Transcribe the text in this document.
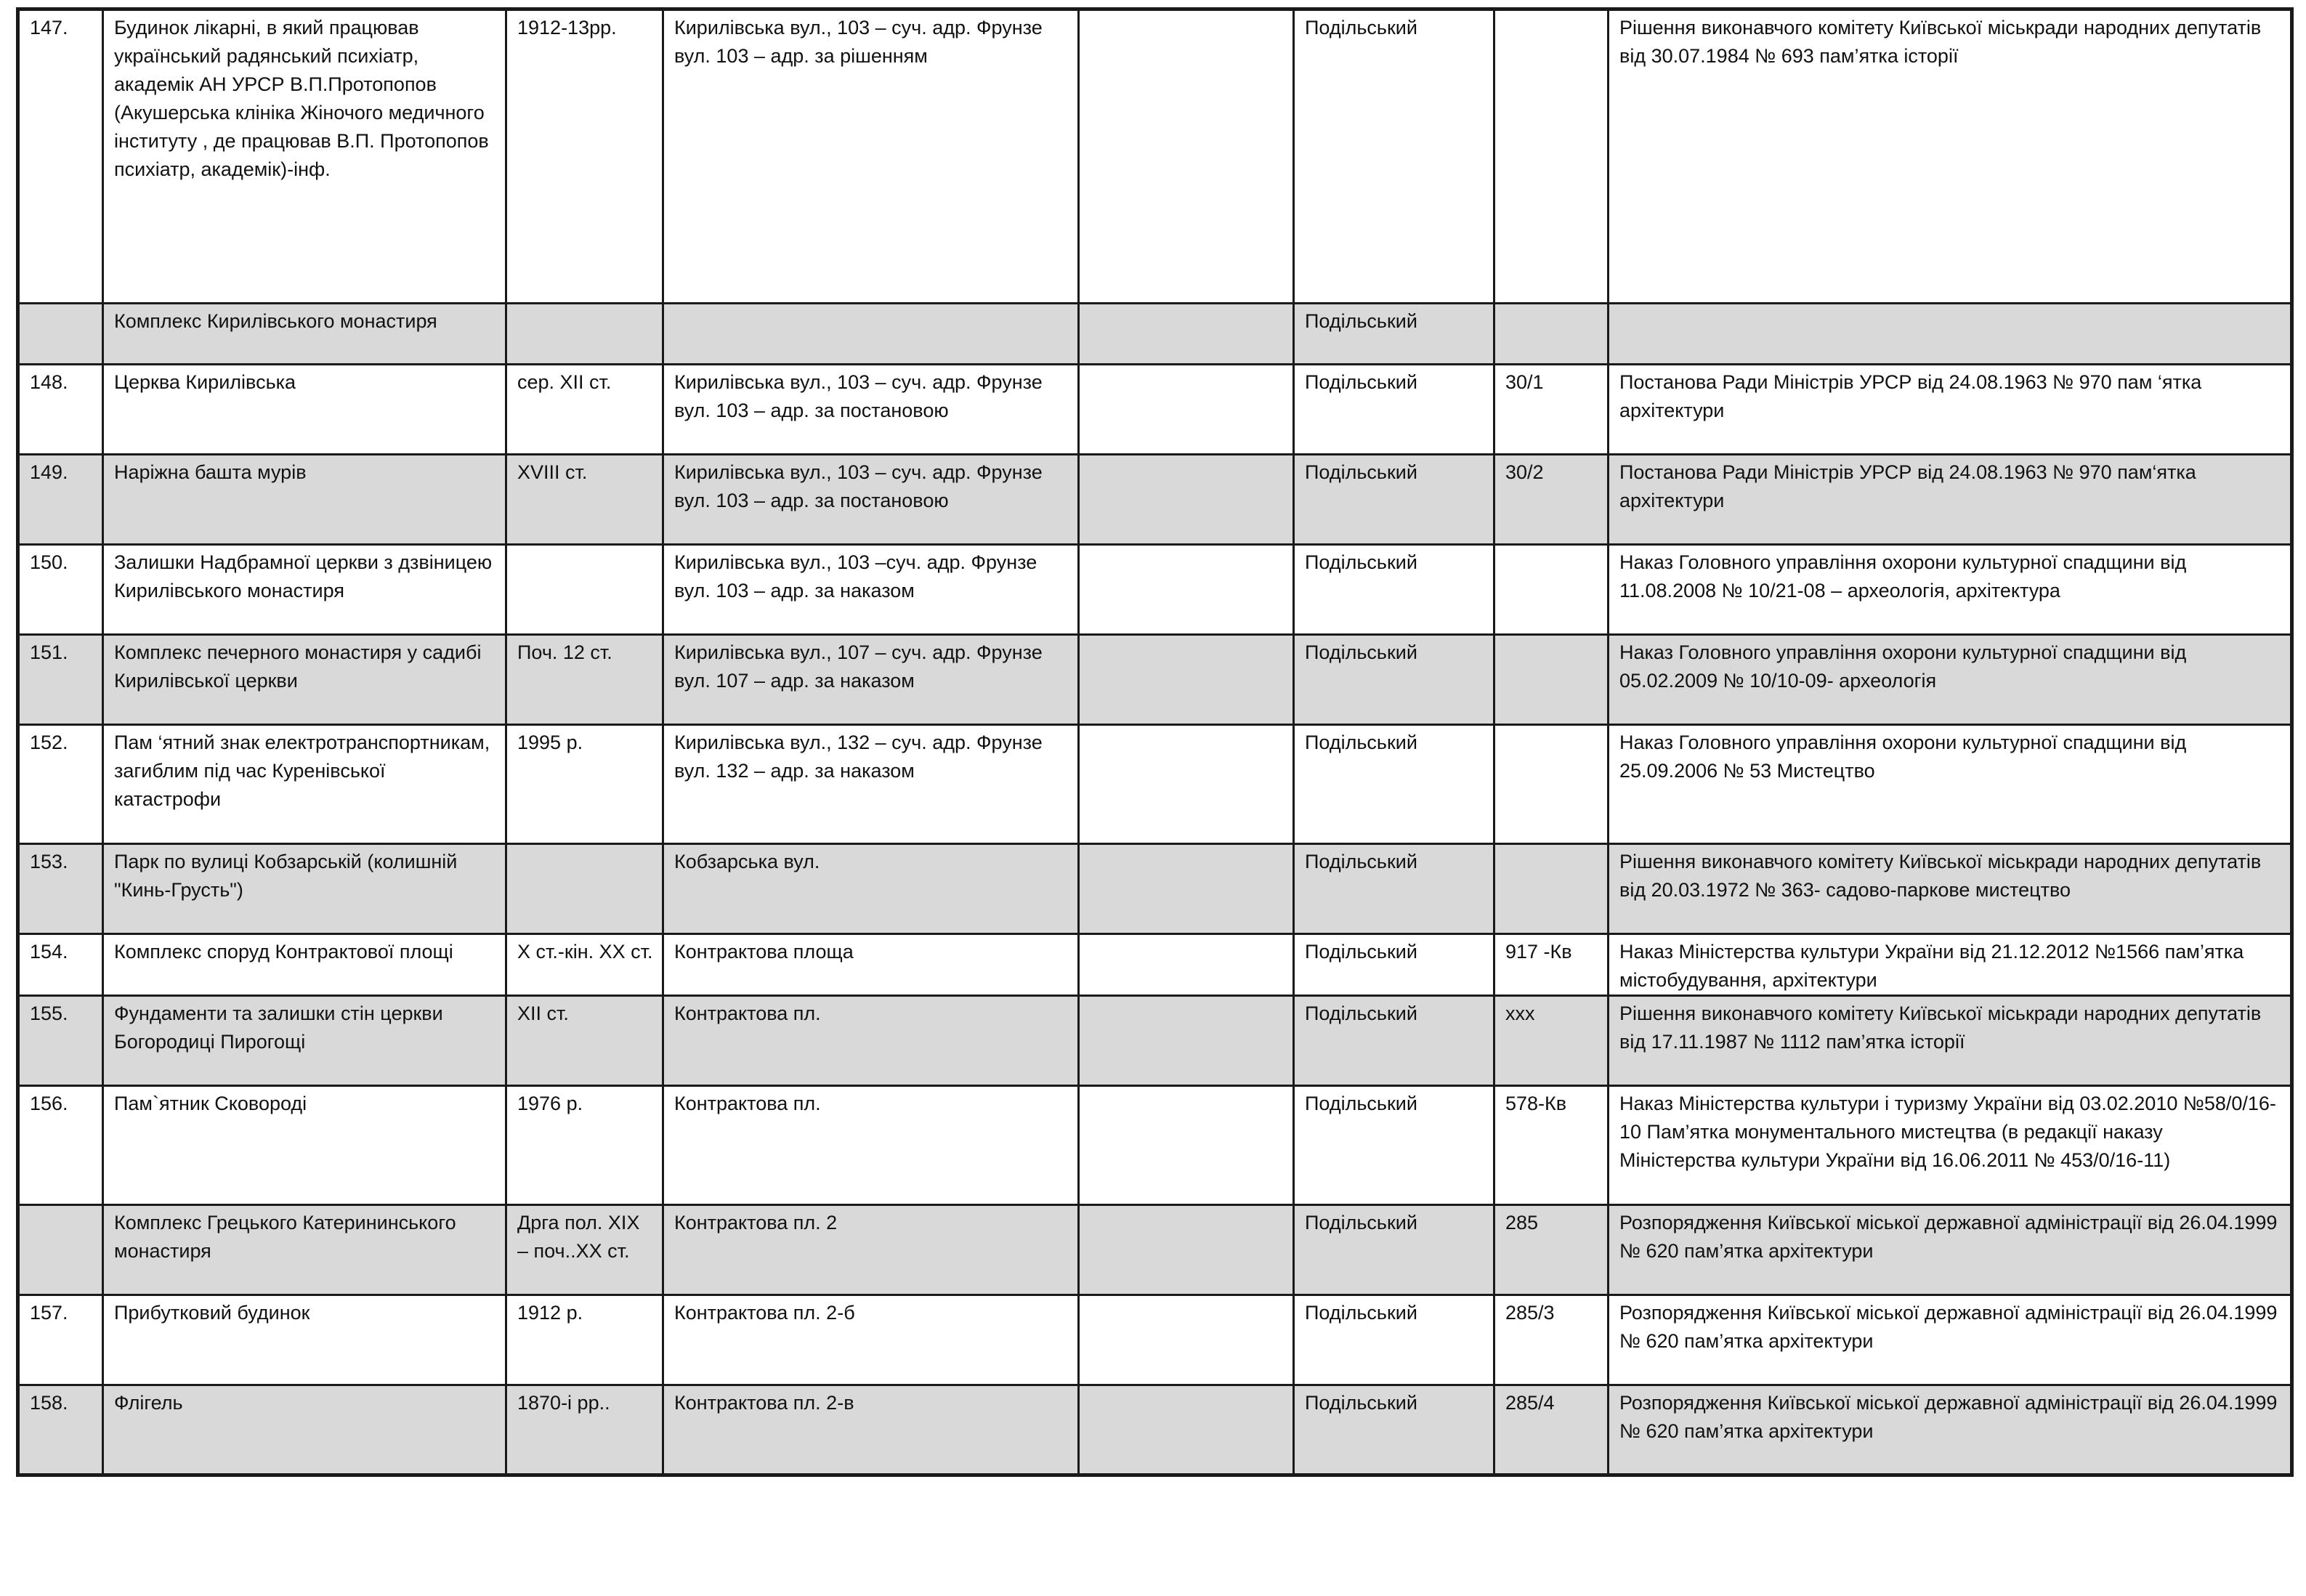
147.	Будинок лікарні, в який працював український радянський психіатр, академік АН УРСР В.П.Протопопов (Акушерська клініка Жіночого медичного інституту , де працював В.П. Протопопов психіатр, академік)-інф.	1912-13рр.	Кирилівська вул., 103 – суч. адр. Фрунзе вул. 103 – адр. за рішенням		Подільський		Рішення виконавчого комітету Київської міськради народних депутатів від 30.07.1984 № 693 пам’ятка історії
	Комплекс Кирилівського монастиря				Подільський		
148.	Церква Кирилівська	сер. ХІІ ст.	Кирилівська вул., 103 – суч. адр. Фрунзе вул. 103 – адр. за постановою		Подільський	30/1	Постанова Ради Міністрів УРСР від 24.08.1963 № 970 пам ‘ятка архітектури
149.	Наріжна башта мурів	XVIII ст.	Кирилівська вул., 103 – суч. адр. Фрунзе вул. 103 – адр. за постановою		Подільський	30/2	Постанова Ради Міністрів УРСР від 24.08.1963 № 970 пам‘ятка архітектури
150.	Залишки Надбрамної церкви з дзвіницею Кирилівського монастиря		Кирилівська вул., 103 –суч. адр. Фрунзе вул. 103 – адр. за наказом		Подільський		Наказ Головного управління охорони культурної спадщини від 11.08.2008 № 10/21-08 – археологія, архітектура
151.	Комплекс печерного монастиря у садибі Кирилівської церкви	Поч. 12 ст.	Кирилівська вул., 107 – суч. адр. Фрунзе вул. 107 – адр. за наказом		Подільський		Наказ Головного управління охорони культурної спадщини від 05.02.2009 № 10/10-09- археологія
152.	Пам ‘ятний знак електротранспортникам, загиблим під час Куренівської катастрофи	1995 р.	Кирилівська вул., 132 – суч. адр. Фрунзе вул. 132 – адр. за наказом		Подільський		Наказ Головного управління охорони культурної спадщини від 25.09.2006 № 53 Мистецтво
153.	Парк по вулиці Кобзарській (колишній "Кинь-Грусть")		Кобзарська вул.		Подільський		Рішення виконавчого комітету Київської міськради народних депутатів від 20.03.1972 № 363- садово-паркове мистецтво
154.	Комплекс споруд Контрактової площі	X ст.-кін. XX ст.	Контрактова площа		Подільський	917 -Кв	Наказ Міністерства культури України від 21.12.2012 №1566 пам’ятка містобудування, архітектури
155.	Фундаменти та залишки стін церкви Богородиці Пирогощі	XII ст.	Контрактова пл.		Подільський	ххх	Рішення виконавчого комітету Київської міськради народних депутатів від 17.11.1987 № 1112 пам’ятка історії
156.	Пам`ятник Сковороді	1976 р.	Контрактова пл.		Подільський	578-Кв	Наказ Міністерства культури і туризму України від 03.02.2010 №58/0/16-10 Пам’ятка монументального мистецтва (в редакції наказу Міністерства культури України від 16.06.2011 № 453/0/16-11)
	Комплекс Грецького Катерининського монастиря	Дрга пол. ХІХ – поч..ХХ ст.	Контрактова пл. 2		Подільський	285	Розпорядження Київської міської державної адміністрації від 26.04.1999 № 620 пам’ятка архітектури
157.	Прибутковий будинок	1912 р.	Контрактова пл. 2-б		Подільський	285/3	Розпорядження Київської міської державної адміністрації від 26.04.1999 № 620 пам’ятка архітектури
158.	Флігель	1870-і рр..	Контрактова пл. 2-в		Подільський	285/4	Розпорядження Київської міської державної адміністрації від 26.04.1999 № 620 пам’ятка архітектури
